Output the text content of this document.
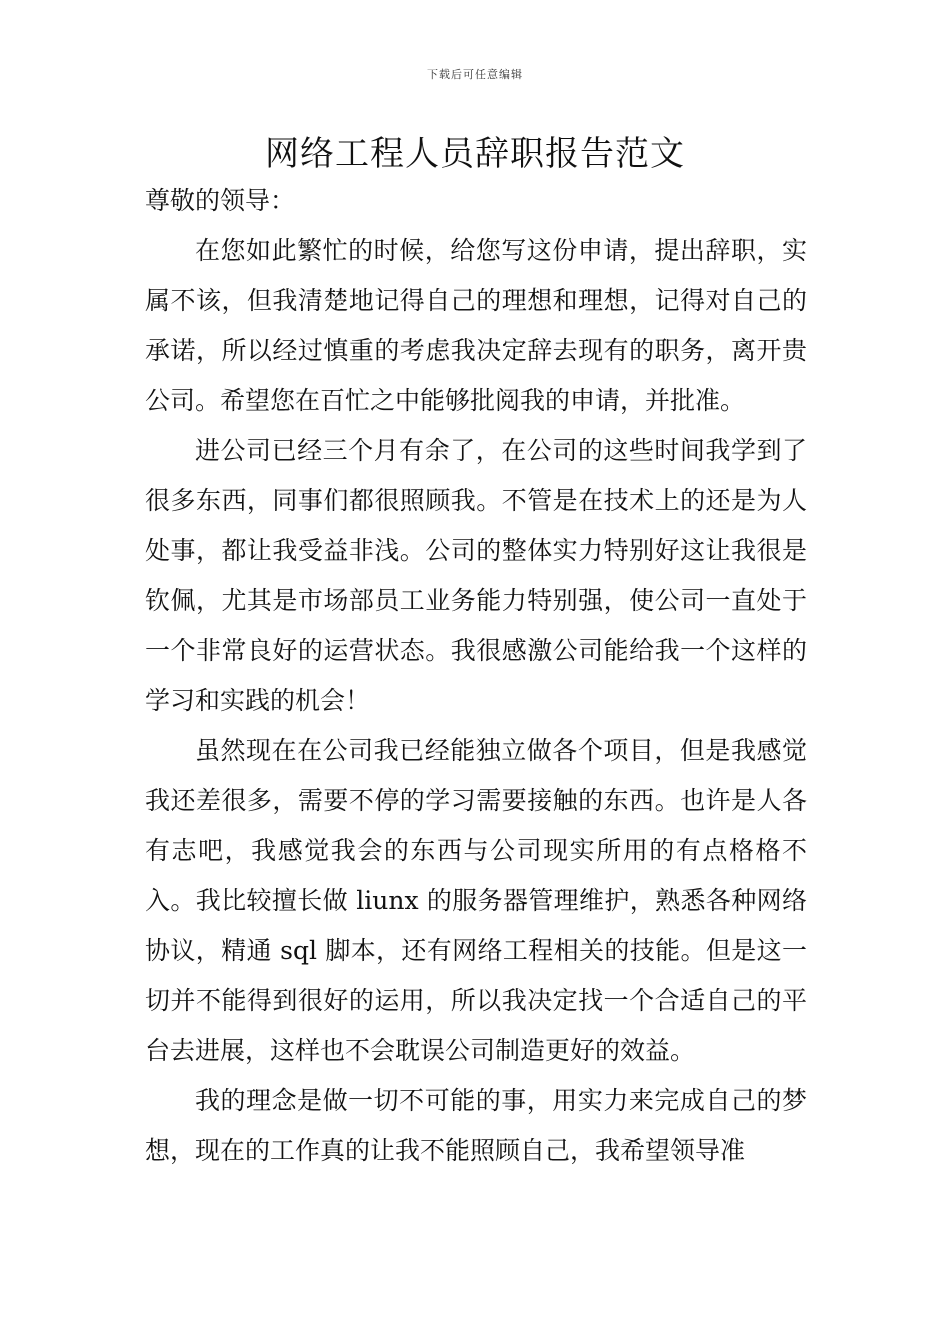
下载后可任意编辑
网络工程人员辞职报告范文

尊敬的领导：

在您如此繁忙的时候，给您写这份申请，提出辞职，实属不该，但我清楚地记得自己的理想和理想，记得对自己的承诺，所以经过慎重的考虑我决定辞去现有的职务，离开贵公司。希望您在百忙之中能够批阅我的申请，并批准。

进公司已经三个月有余了，在公司的这些时间我学到了很多东西，同事们都很照顾我。不管是在技术上的还是为人处事，都让我受益非浅。公司的整体实力特别好这让我很是钦佩，尤其是市场部员工业务能力特别强，使公司一直处于一个非常良好的运营状态。我很感激公司能给我一个这样的学习和实践的机会！

虽然现在在公司我已经能独立做各个项目，但是我感觉我还差很多，需要不停的学习需要接触的东西。也许是人各有志吧，我感觉我会的东西与公司现实所用的有点格格不入。我比较擅长做 liunx 的服务器管理维护，熟悉各种网络协议，精通 sql 脚本，还有网络工程相关的技能。但是这一切并不能得到很好的运用，所以我决定找一个合适自己的平台去进展，这样也不会耽误公司制造更好的效益。

我的理念是做一切不可能的事，用实力来完成自己的梦想，现在的工作真的让我不能照顾自己，我希望领导准
